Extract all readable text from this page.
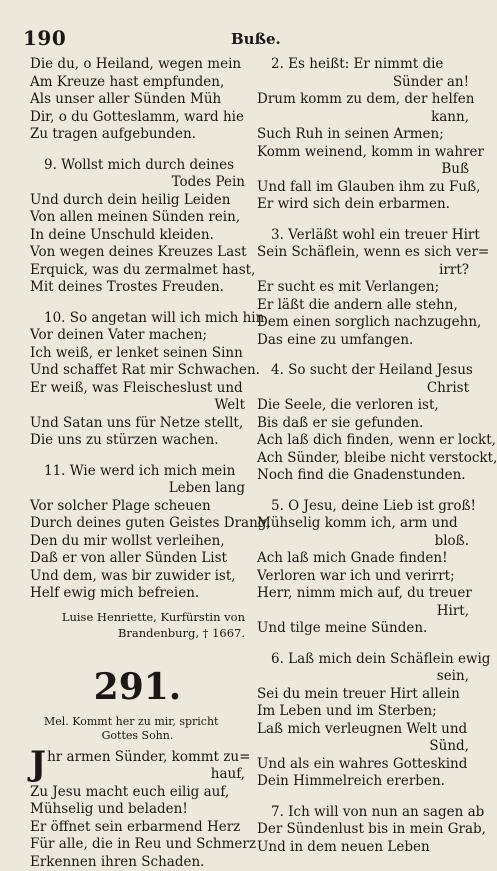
190	Buße.
Die du, o Heiland, wegen mein
Am Kreuze hast empfunden,
Als unser aller Sünden Müh
Dir, o du Gotteslamm, ward hie
Zu tragen aufgebunden.
9. Wollst mich durch deines
Todes Pein
Und durch dein heilig Leiden
Von allen meinen Sünden rein,
In deine Unschuld kleiden.
Von wegen deines Kreuzes Last
Erquick, was du zermalmet hast,
Mit deines Trostes Freuden.
10. So angetan will ich mich hin
Vor deinen Vater machen;
Ich weiß, er lenket seinen Sinn
Und schaffet Rat mir Schwachen.
Er weiß, was Fleischeslust und
Welt
Und Satan uns für Netze stellt,
Die uns zu stürzen wachen.
11. Wie werd ich mich mein
Leben lang
Vor solcher Plage scheuen
Durch deines guten Geistes Drang,
Den du mir wollst verleihen,
Daß er von aller Sünden List
Und dem, was bir zuwider ist,
Helf ewig mich befreien.
Luise Henriette, Kurfürstin von
Brandenburg, † 1667.
291.
Mel. Kommt her zu mir, spricht
Gottes Sohn.
Jhr armen Sünder, kommt zu=
hauf,
Zu Jesu macht euch eilig auf,
Mühselig und beladen!
Er öffnet sein erbarmend Herz
Für alle, die in Reu und Schmerz
Erkennen ihren Schaden.
2. Es heißt: Er nimmt die
Sünder an!
Drum komm zu dem, der helfen
kann,
Such Ruh in seinen Armen;
Komm weinend, komm in wahrer
Buß
Und fall im Glauben ihm zu Fuß,
Er wird sich dein erbarmen.
3. Verläßt wohl ein treuer Hirt
Sein Schäflein, wenn es sich ver=
irrt?
Er sucht es mit Verlangen;
Er läßt die andern alle stehn,
Dem einen sorglich nachzugehn,
Das eine zu umfangen.
4. So sucht der Heiland Jesus
Christ
Die Seele, die verloren ist,
Bis daß er sie gefunden.
Ach laß dich finden, wenn er lockt,
Ach Sünder, bleibe nicht verstockt,
Noch find die Gnadenstunden.
5. O Jesu, deine Lieb ist groß!
Mühselig komm ich, arm und
bloß.
Ach laß mich Gnade finden!
Verloren war ich und verirrt;
Herr, nimm mich auf, du treuer
Hirt,
Und tilge meine Sünden.
6. Laß mich dein Schäflein ewig
sein,
Sei du mein treuer Hirt allein
Im Leben und im Sterben;
Laß mich verleugnen Welt und
Sünd,
Und als ein wahres Gotteskind
Dein Himmelreich ererben.
7. Ich will von nun an sagen ab
Der Sündenlust bis in mein Grab,
Und in dem neuen Leben
